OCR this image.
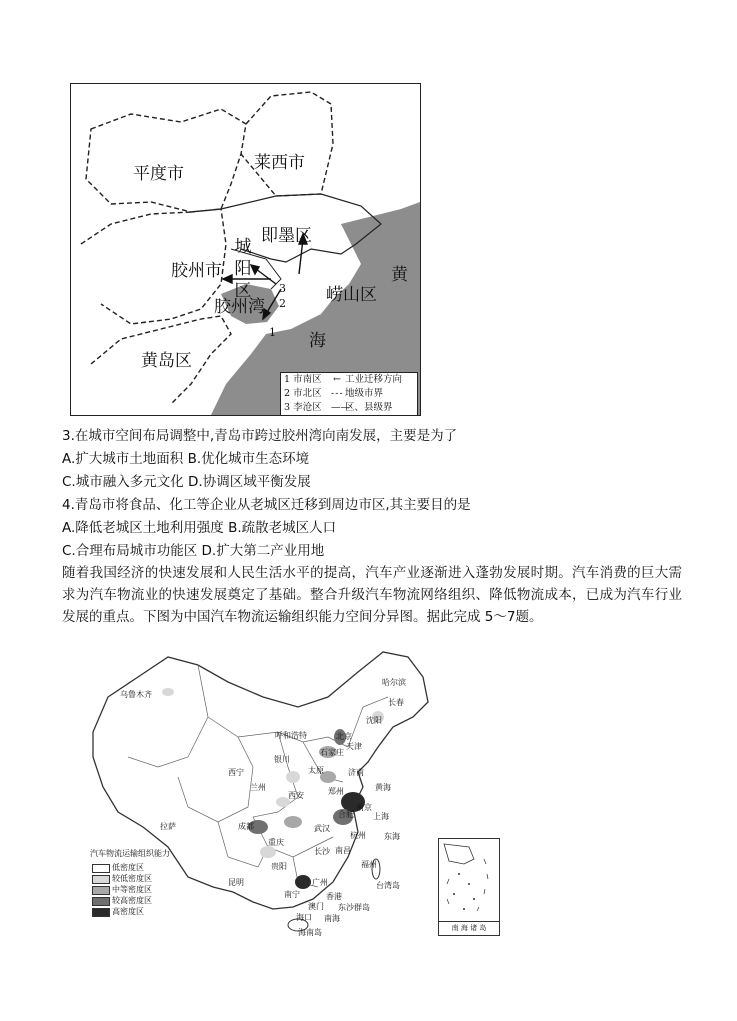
平度市
莱西市
即墨区
城阳区
胶州市	黄
崂山区
胶州湾
海
黄岛区
1
2
3
1 市南区 ← 工业迁移方向
2 市北区 - - - 地级市界
3 李沧区 ——
区、县级界
3.在城市空间布局调整中,青岛市跨过胶州湾向南发展，主要是为了
A.扩大城市土地面积 B.优化城市生态环境
C.城市融入多元文化 D.协调区域平衡发展
4.青岛市将食品、化工等企业从老城区迁移到周边市区,其主要目的是
A.降低老城区土地利用强度 B.疏散老城区人口
C.合理布局城市功能区 D.扩大第二产业用地
随着我国经济的快速发展和人民生活水平的提高，汽车产业逐渐进入蓬勃发展时期。汽车消费的巨大需求为汽车物流业的快速发展奠定了基础。整合升级汽车物流网络组织、降低物流成本，已成为汽车行业发展的重点。下图为中国汽车物流运输组织能力空间分异图。据此完成 5～7题。
乌鲁木齐
哈尔滨
长春
沈阳
呼和浩特	北京
天津
石家庄
银川
太原	济南
西宁
兰州	郑州
西安
黄海
南京
上海
合肥
拉萨	成都	武汉
杭州
重庆
东海
长沙 南昌
贵阳	福州
昆明	广州	台湾岛
南宁	香港
澳门 东沙群岛
海口 南海
海南岛
汽车物流运输组织能力
低密度区
较低密度区
中等密度区
较高密度区
高密度区
南 海 诸 岛
